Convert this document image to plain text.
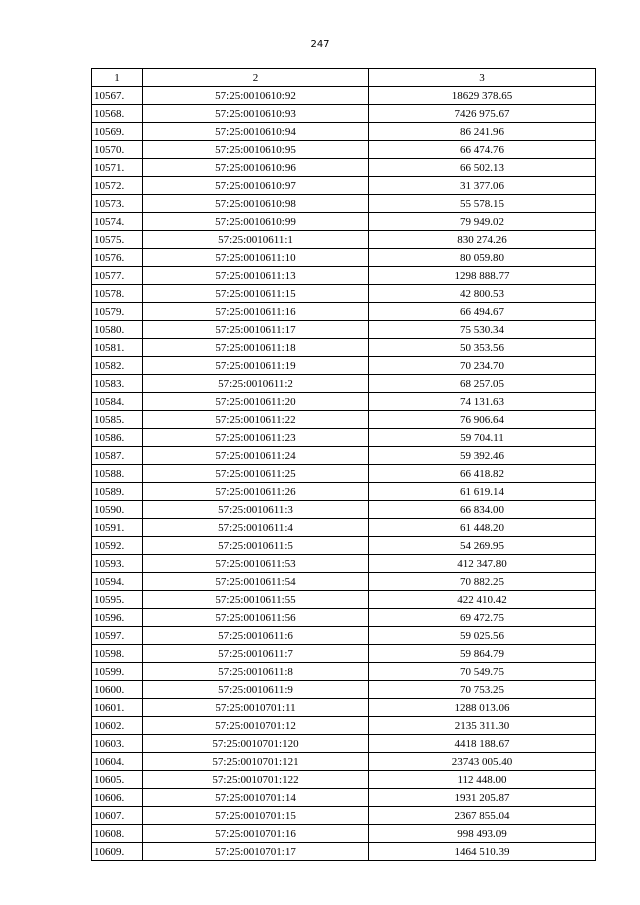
247
1	2	3
10567.	57:25:0010610:92	18629 378.65
10568.	57:25:0010610:93	7426 975.67
10569.	57:25:0010610:94	86 241.96
10570.	57:25:0010610:95	66 474.76
10571.	57:25:0010610:96	66 502.13
10572.	57:25:0010610:97	31 377.06
10573.	57:25:0010610:98	55 578.15
10574.	57:25:0010610:99	79 949.02
10575.	57:25:0010611:1	830 274.26
10576.	57:25:0010611:10	80 059.80
10577.	57:25:0010611:13	1298 888.77
10578.	57:25:0010611:15	42 800.53
10579.	57:25:0010611:16	66 494.67
10580.	57:25:0010611:17	75 530.34
10581.	57:25:0010611:18	50 353.56
10582.	57:25:0010611:19	70 234.70
10583.	57:25:0010611:2	68 257.05
10584.	57:25:0010611:20	74 131.63
10585.	57:25:0010611:22	76 906.64
10586.	57:25:0010611:23	59 704.11
10587.	57:25:0010611:24	59 392.46
10588.	57:25:0010611:25	66 418.82
10589.	57:25:0010611:26	61 619.14
10590.	57:25:0010611:3	66 834.00
10591.	57:25:0010611:4	61 448.20
10592.	57:25:0010611:5	54 269.95
10593.	57:25:0010611:53	412 347.80
10594.	57:25:0010611:54	70 882.25
10595.	57:25:0010611:55	422 410.42
10596.	57:25:0010611:56	69 472.75
10597.	57:25:0010611:6	59 025.56
10598.	57:25:0010611:7	59 864.79
10599.	57:25:0010611:8	70 549.75
10600.	57:25:0010611:9	70 753.25
10601.	57:25:0010701:11	1288 013.06
10602.	57:25:0010701:12	2135 311.30
10603.	57:25:0010701:120	4418 188.67
10604.	57:25:0010701:121	23743 005.40
10605.	57:25:0010701:122	112 448.00
10606.	57:25:0010701:14	1931 205.87
10607.	57:25:0010701:15	2367 855.04
10608.	57:25:0010701:16	998 493.09
10609.	57:25:0010701:17	1464 510.39
